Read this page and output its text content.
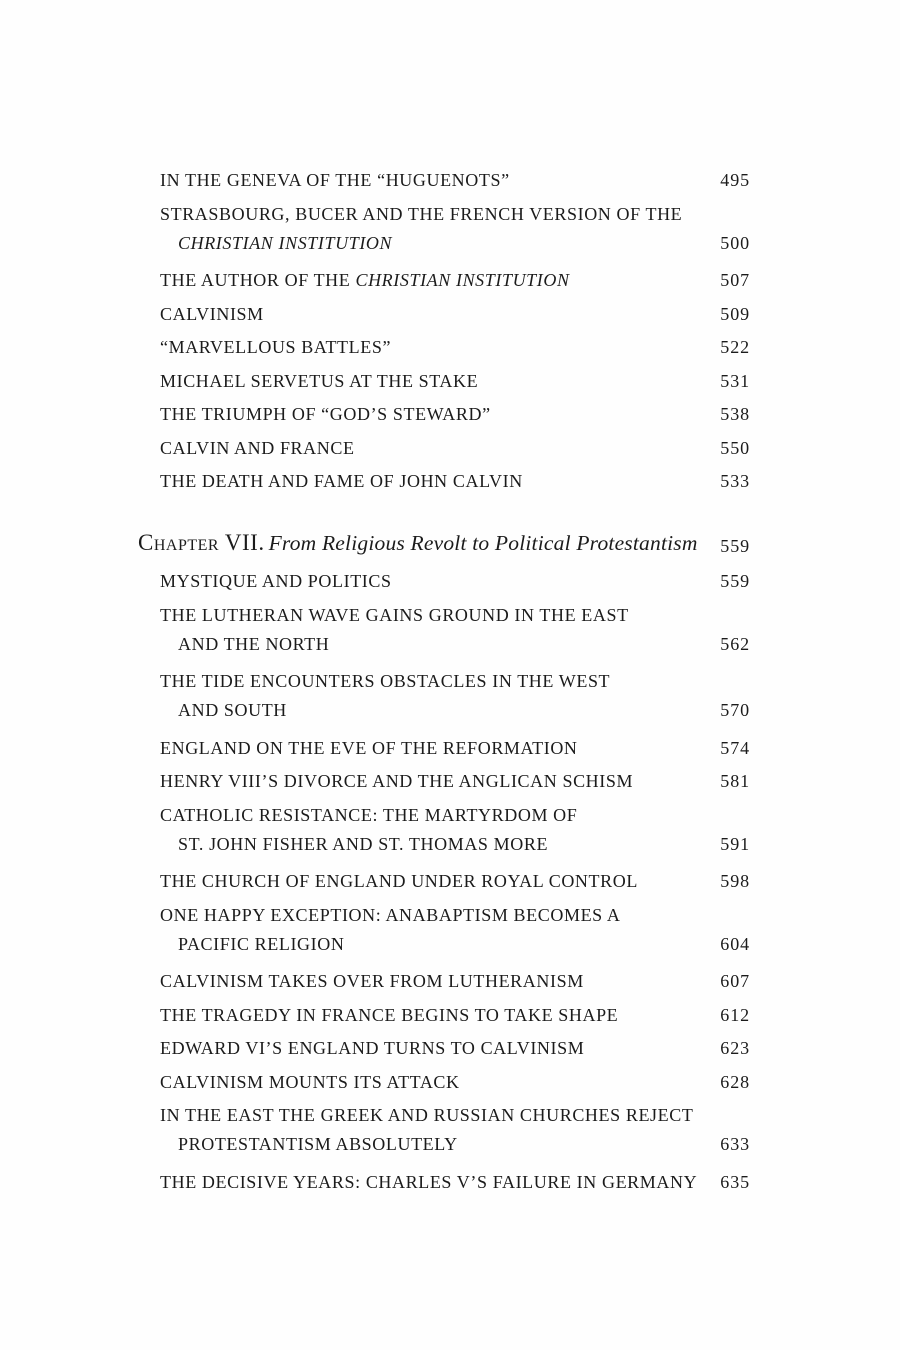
IN THE GENEVA OF THE “HUGUENOTS”	495
STRASBOURG, BUCER AND THE FRENCH VERSION OF THE
CHRISTIAN INSTITUTION	500
THE AUTHOR OF THE CHRISTIAN INSTITUTION	507
CALVINISM	509
“MARVELLOUS BATTLES”	522
MICHAEL SERVETUS AT THE STAKE	531
THE TRIUMPH OF “GOD’S STEWARD”	538
CALVIN AND FRANCE	550
THE DEATH AND FAME OF JOHN CALVIN	533
Chapter VII. From Religious Revolt to Political Protestantism	559
MYSTIQUE AND POLITICS	559
THE LUTHERAN WAVE GAINS GROUND IN THE EAST
AND THE NORTH	562
THE TIDE ENCOUNTERS OBSTACLES IN THE WEST
AND SOUTH	570
ENGLAND ON THE EVE OF THE REFORMATION	574
HENRY VIII’S DIVORCE AND THE ANGLICAN SCHISM	581
CATHOLIC RESISTANCE: THE MARTYRDOM OF
ST. JOHN FISHER AND ST. THOMAS MORE	591
THE CHURCH OF ENGLAND UNDER ROYAL CONTROL	598
ONE HAPPY EXCEPTION: ANABAPTISM BECOMES A
PACIFIC RELIGION	604
CALVINISM TAKES OVER FROM LUTHERANISM	607
THE TRAGEDY IN FRANCE BEGINS TO TAKE SHAPE	612
EDWARD VI’S ENGLAND TURNS TO CALVINISM	623
CALVINISM MOUNTS ITS ATTACK	628
IN THE EAST THE GREEK AND RUSSIAN CHURCHES REJECT
PROTESTANTISM ABSOLUTELY	633
THE DECISIVE YEARS: CHARLES V’S FAILURE IN GERMANY	635
